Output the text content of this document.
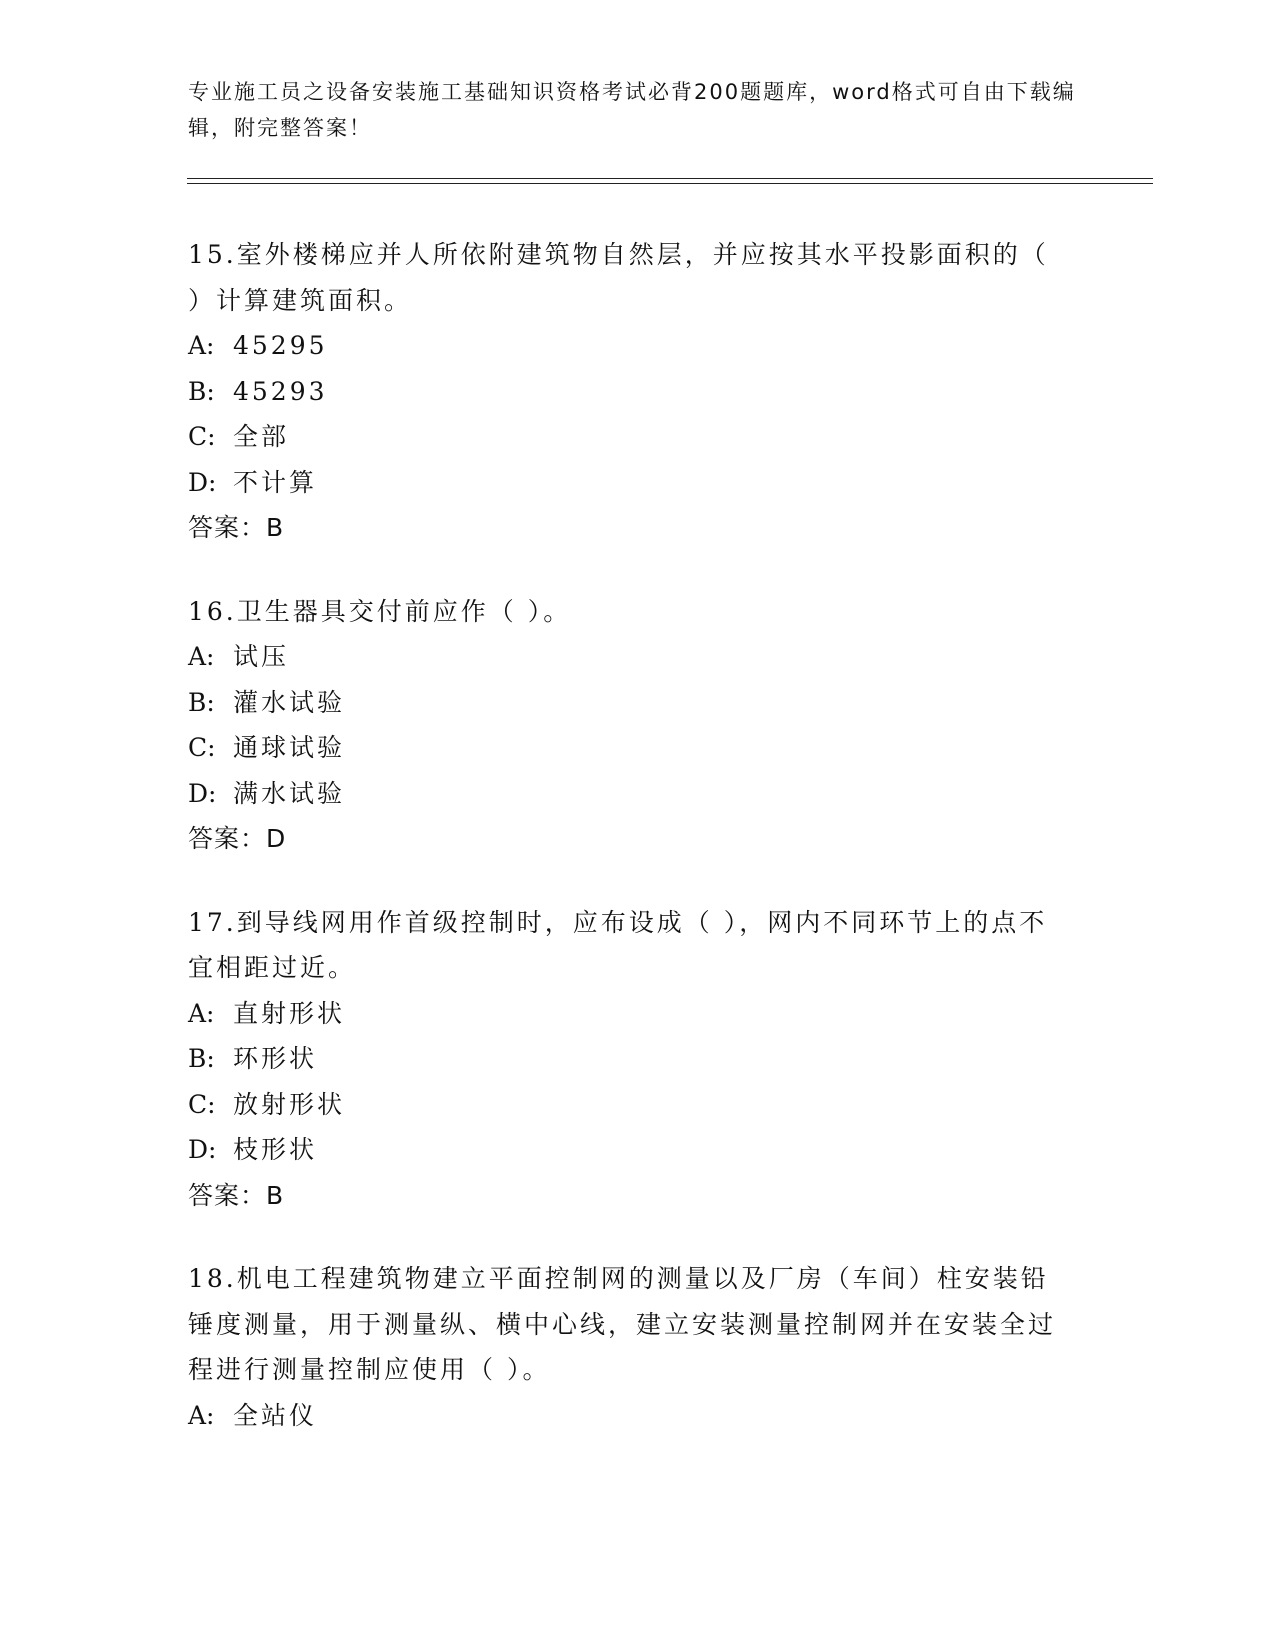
专业施工员之设备安装施工基础知识资格考试必背200题题库，word格式可自由下载编辑，附完整答案！

15.室外楼梯应并人所依附建筑物自然层，并应按其水平投影面积的（ ）计算建筑面积。

A: 45295
B: 45293
C: 全部
D: 不计算
答案：B

16.卫生器具交付前应作（ ）。

A: 试压
B: 灌水试验
C: 通球试验
D: 满水试验
答案：D

17.到导线网用作首级控制时，应布设成（ ），网内不同环节上的点不宜相距过近。

A: 直射形状
B: 环形状
C: 放射形状
D: 枝形状
答案：B

18.机电工程建筑物建立平面控制网的测量以及厂房（车间）柱安装铅锤度测量，用于测量纵、横中心线，建立安装测量控制网并在安装全过程进行测量控制应使用（ ）。

A: 全站仪
